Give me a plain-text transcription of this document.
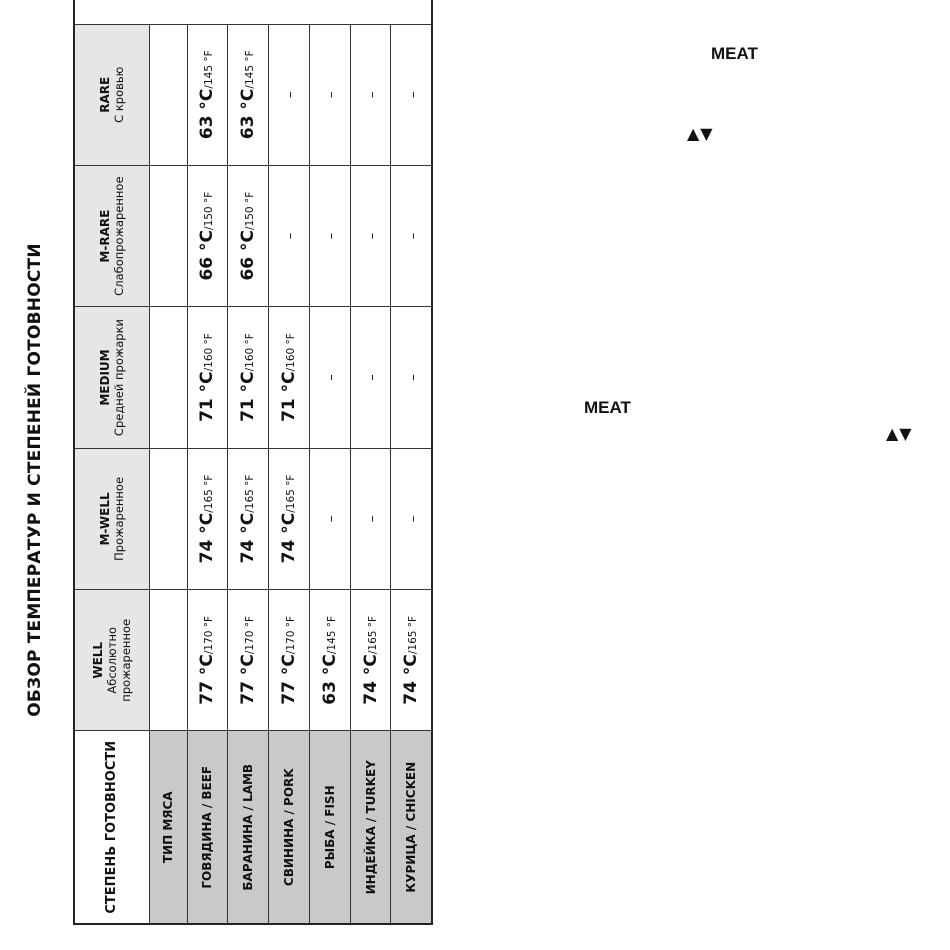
ОБЗОР ТЕМПЕРАТУР И СТЕПЕНЕЙ ГОТОВНОСТИ
СТЕПЕНЬ ГОТОВНОСТИ	WELL Абсолютно прожаренное	M-WELL Прожаренное	MEDIUM Средней прожарки	M-RARE Слабопрожаренное	RARE С кровью

ТИП МЯСА					
ГОВЯДИНА / BEEF	77 °C/170 °F	74 °C/165 °F	71 °C/160 °F	66 °C/150 °F	63 °C/145 °F
БАРАНИНА / LAMB	77 °C/170 °F	74 °C/165 °F	71 °C/160 °F	66 °C/150 °F	63 °C/145 °F
СВИНИНА / PORK	77 °C/170 °F	74 °C/165 °F	71 °C/160 °F	–	–
РЫБА / FISH	63 °C/145 °F	–	–	–	–
ИНДЕЙКА / TURKEY	74 °C/165 °F	–	–	–	–
КУРИЦА / CHICKEN	74 °C/165 °F	–	–	–	–
MEAT
▲▼
MEAT
▲▼
